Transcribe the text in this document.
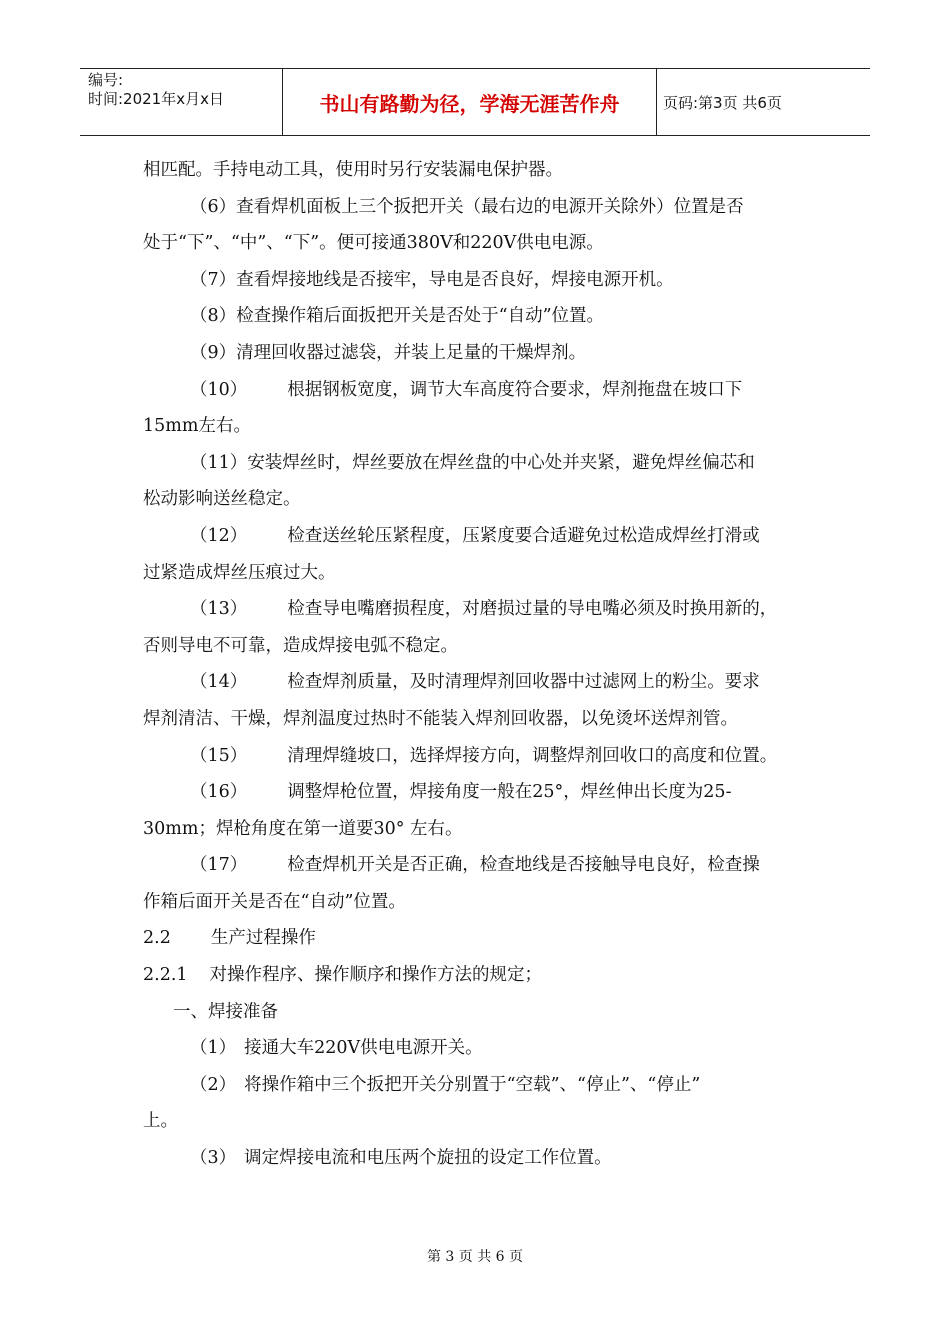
编号:
时间:2021年x月x日	书山有路勤为径，学海无涯苦作舟	页码:第3页 共6页
相匹配。手持电动工具，使用时另行安装漏电保护器。
（6）查看焊机面板上三个扳把开关（最右边的电源开关除外）位置是否
处于“下”、“中”、“下”。便可接通380V和220V供电电源。
（7）查看焊接地线是否接牢，导电是否良好，焊接电源开机。
（8）检查操作箱后面扳把开关是否处于“自动”位置。
（9）清理回收器过滤袋，并装上足量的干燥焊剂。
（10） 根据钢板宽度，调节大车高度符合要求，焊剂拖盘在坡口下
15mm左右。
（11）安装焊丝时，焊丝要放在焊丝盘的中心处并夹紧，避免焊丝偏芯和
松动影响送丝稳定。
（12） 检查送丝轮压紧程度，压紧度要合适避免过松造成焊丝打滑或
过紧造成焊丝压痕过大。
（13） 检查导电嘴磨损程度，对磨损过量的导电嘴必须及时换用新的，
否则导电不可靠，造成焊接电弧不稳定。
（14） 检查焊剂质量，及时清理焊剂回收器中过滤网上的粉尘。要求
焊剂清洁、干燥，焊剂温度过热时不能装入焊剂回收器，以免烫坏送焊剂管。
（15） 清理焊缝坡口，选择焊接方向，调整焊剂回收口的高度和位置。
（16） 调整焊枪位置，焊接角度一般在25°，焊丝伸出长度为25-
30mm；焊枪角度在第一道要30° 左右。
（17） 检查焊机开关是否正确，检查地线是否接触导电良好，检查操
作箱后面开关是否在“自动”位置。
2.2 生产过程操作
2.2.1 对操作程序、操作顺序和操作方法的规定；
一、焊接准备
（1） 接通大车220V供电电源开关。
（2） 将操作箱中三个扳把开关分别置于“空载”、“停止”、“停止”
上。
（3） 调定焊接电流和电压两个旋扭的设定工作位置。
第 3 页 共 6 页
